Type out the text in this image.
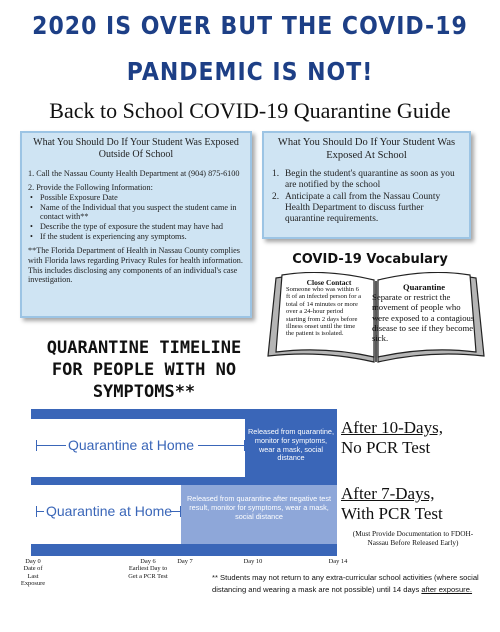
2020 IS OVER BUT THE COVID-19
PANDEMIC IS NOT!
Back to School COVID-19 Quarantine Guide
What You Should Do If Your Student Was Exposed Outside Of School

1. Call the Nassau County Health Department at (904) 875-6100

2. Provide the Following Information:
• Possible Exposure Date
• Name of the Individual that you suspect the student came in contact with**
• Describe the type of exposure the student may have had
• If the student is experiencing any symptoms.

**The Florida Department of Health in Nassau County complies with Florida laws regarding Privacy Rules for health information. This includes disclosing any components of an individual's case investigation.

What You Should Do If Your Student Was Exposed At School
1. Begin the student's quarantine as soon as you are notified by the school
2. Anticipate a call from the Nassau County Health Department to discuss further quarantine requirements.
COVID-19 Vocabulary
Close Contact
Someone who was within 6 ft of an infected person for a total of 14 minutes or more over a 24-hour period starting from 2 days before illness onset until the time the patient is isolated.
Quarantine
Separate or restrict the movement of people who were exposed to a contagious disease to see if they become sick.
QUARANTINE TIMELINE FOR PEOPLE WITH NO SYMPTOMS**
Quarantine at Home
Quarantine at Home
Released from quarantine, monitor for symptoms, wear a mask, social distance
Released from quarantine after negative test result, monitor for symptoms, wear a mask, social distance
After 10-Days,
No PCR Test
After 7-Days,
With PCR Test
(Must Provide Documentation to FDOH-Nassau Before Released Early)
Day 0
Date of Last Exposure
Day 6
Earliest Day to Get a PCR Test
Day 7	Day 10	Day 14
** Students may not return to any extra-curricular school activities (where social distancing and wearing a mask are not possible) until 14 days after exposure.
